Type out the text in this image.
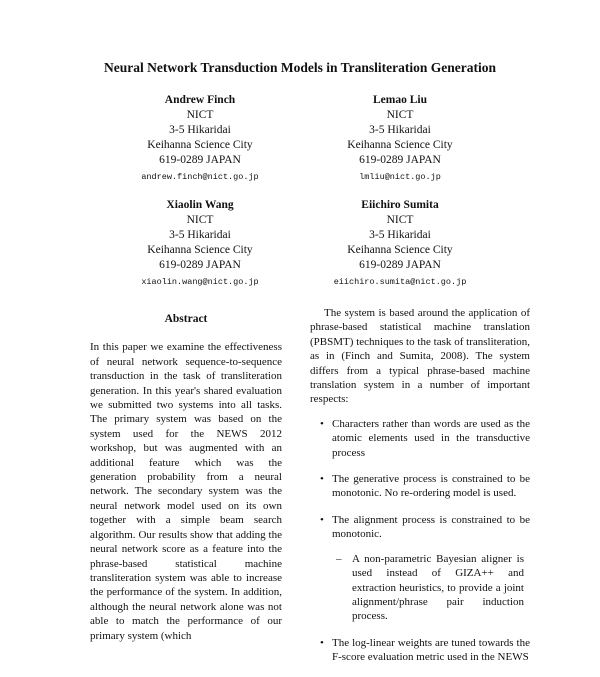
Neural Network Transduction Models in Transliteration Generation
Andrew Finch
NICT
3-5 Hikaridai
Keihanna Science City
619-0289 JAPAN
andrew.finch@nict.go.jp
Lemao Liu
NICT
3-5 Hikaridai
Keihanna Science City
619-0289 JAPAN
lmliu@nict.go.jp
Xiaolin Wang
NICT
3-5 Hikaridai
Keihanna Science City
619-0289 JAPAN
xiaolin.wang@nict.go.jp
Eiichiro Sumita
NICT
3-5 Hikaridai
Keihanna Science City
619-0289 JAPAN
eiichiro.sumita@nict.go.jp
Abstract
In this paper we examine the effectiveness of neural network sequence-to-sequence transduction in the task of transliteration generation. In this year's shared evaluation we submitted two systems into all tasks. The primary system was based on the system used for the NEWS 2012 workshop, but was augmented with an additional feature which was the generation probability from a neural network. The secondary system was the neural network model used on its own together with a simple beam search algorithm. Our results show that adding the neural network score as a feature into the phrase-based statistical machine transliteration system was able to increase the performance of the system. In addition, although the neural network alone was not able to match the performance of our primary system (which

The system is based around the application of phrase-based statistical machine translation (PBSMT) techniques to the task of transliteration, as in (Finch and Sumita, 2008). The system differs from a typical phrase-based machine translation system in a number of important respects:

• Characters rather than words are used as the atomic elements used in the transductive process
• The generative process is constrained to be monotonic. No re-ordering model is used.
• The alignment process is constrained to be monotonic.
– A non-parametric Bayesian aligner is used instead of GIZA++ and extraction heuristics, to provide a joint alignment/phrase pair induction process.
• The log-linear weights are tuned towards the F-score evaluation metric used in the NEWS
